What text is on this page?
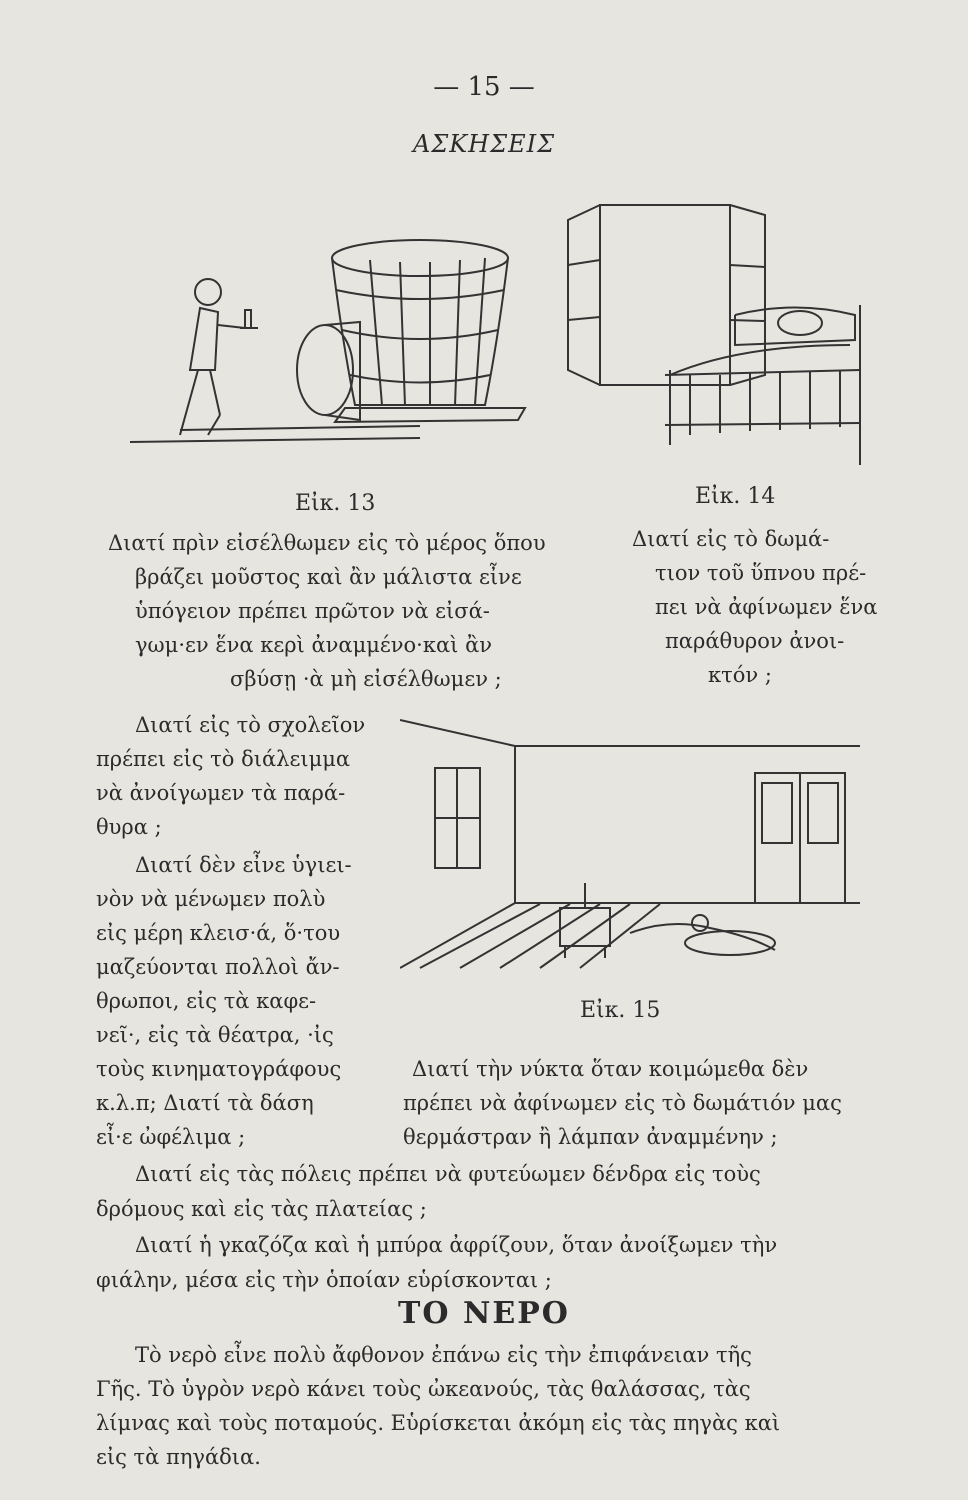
— 15 —
ΑΣΚΗΣΕΙΣ
Εἰκ. 13	Εἰκ. 14
Διατί πρὶν εἰσέλθωμεν εἰς τὸ μέρος ὅπου
βράζει μοῦστος καὶ ἂν μάλιστα εἶνε
ὑπόγειον πρέπει πρῶτον νὰ εἰσά-
γωμ·εν ἕνα κερὶ ἀναμμένο·καὶ ἂν
σβύσῃ ·ὰ μὴ εἰσέλθωμεν ;
Διατί εἰς τὸ δωμά-
τιον τοῦ ὕπνου πρέ-
πει νὰ ἀφίνωμεν ἕνα
παράθυρον ἀνοι-
κτόν ;
Διατί εἰς τὸ σχολεῖον
πρέπει εἰς τὸ διάλειμμα
νὰ ἀνοίγωμεν τὰ παρά-
θυρα ;
Διατί δὲν εἶνε ὑγιει-
νὸν νὰ μένωμεν πολὺ
εἰς μέρη κλεισ·ά, ὅ·του
μαζεύονται πολλοὶ ἄν-
θρωποι, εἰς τὰ καφε-
νεῖ·, εἰς τὰ θέατρα, ·ἰς
τοὺς κινηματογράφους
κ.λ.π; Διατί τὰ δάση
εἶ·ε ὠφέλιμα ;
Εἰκ. 15
Διατί τὴν νύκτα ὅταν κοιμώμεθα δὲν
πρέπει νὰ ἀφίνωμεν εἰς τὸ δωμάτιόν μας
θερμάστραν ἢ λάμπαν ἀναμμένην ;
Διατί εἰς τὰς πόλεις πρέπει νὰ φυτεύωμεν δένδρα εἰς τοὺς
δρόμους καὶ εἰς τὰς πλατείας ;
Διατί ἡ γκαζόζα καὶ ἡ μπύρα ἀφρίζουν, ὅταν ἀνοίξωμεν τὴν
φιάλην, μέσα εἰς τὴν ὁποίαν εὑρίσκονται ;
ΤΟ ΝΕΡΟ
Τὸ νερὸ εἶνε πολὺ ἄφθονον ἐπάνω εἰς τὴν ἐπιφάνειαν τῆς
Γῆς. Τὸ ὑγρὸν νερὸ κάνει τοὺς ὠκεανούς, τὰς θαλάσσας, τὰς
λίμνας καὶ τοὺς ποταμούς. Εὑρίσκεται ἀκόμη εἰς τὰς πηγὰς καὶ
εἰς τὰ πηγάδια.
